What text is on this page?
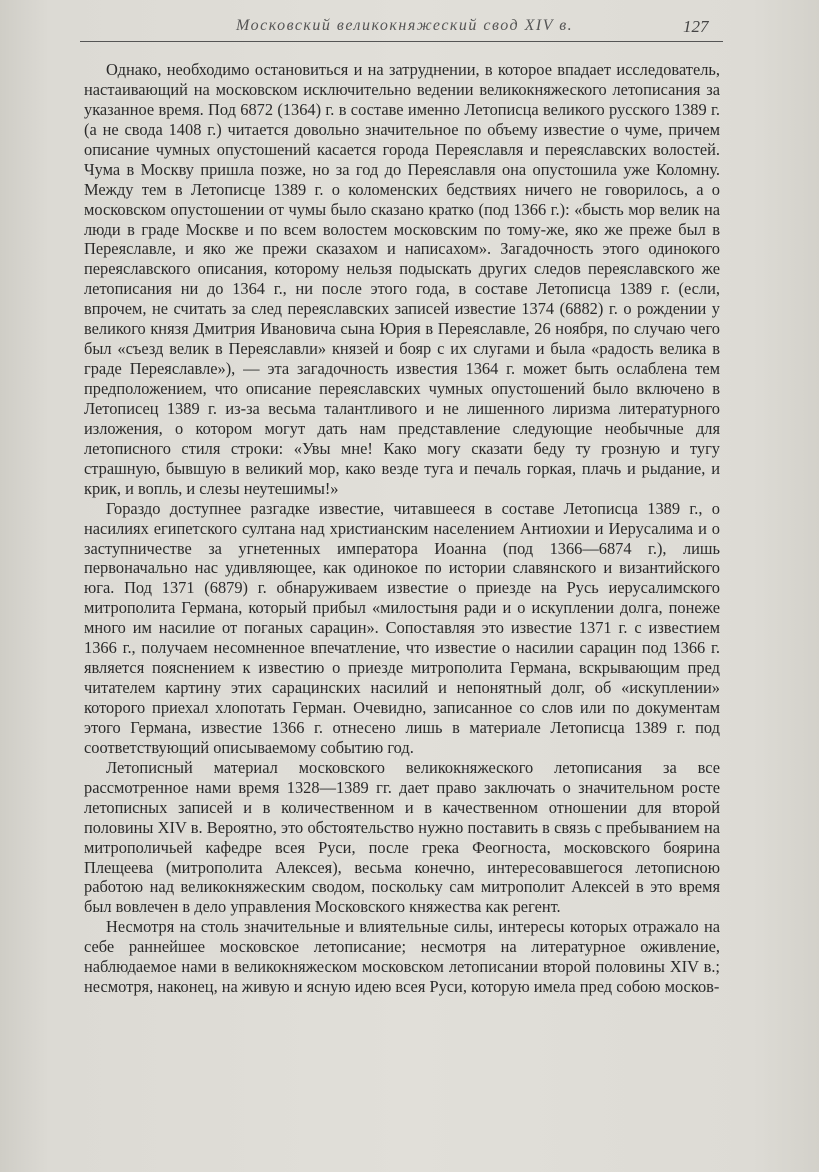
Московский великокняжеский свод XIV в.	127

Однако, необходимо остановиться и на затруднении, в которое впадает исследователь, настаивающий на московском исключительно ведении великокняжеского летописания за указанное время. Под 6872 (1364) г. в составе именно Летописца великого русского 1389 г. (а не свода 1408 г.) читается довольно значительное по объему известие о чуме, причем описание чумных опустошений касается города Переяславля и переяславских волостей. Чума в Москву пришла позже, но за год до Переяславля она опустошила уже Коломну. Между тем в Летописце 1389 г. о коломенских бедствиях ничего не говорилось, а о московском опустошении от чумы было сказано кратко (под 1366 г.): «бысть мор велик на люди в граде Москве и по всем волостем московским по тому-же, яко же преже был в Переяславле, и яко же прежи сказахом и написахом». Загадочность этого одинокого переяславского описания, которому нельзя подыскать других следов переяславского же летописания ни до 1364 г., ни после этого года, в составе Летописца 1389 г. (если, впрочем, не считать за след переяславских записей известие 1374 (6882) г. о рождении у великого князя Дмитрия Ивановича сына Юрия в Переяславле, 26 ноября, по случаю чего был «съезд велик в Переяславли» князей и бояр с их слугами и была «радость велика в граде Переяславле»), — эта загадочность известия 1364 г. может быть ослаблена тем предположением, что описание переяславских чумных опустошений было включено в Летописец 1389 г. из-за весьма талантливого и не лишенного лиризма литературного изложения, о котором могут дать нам представление следующие необычные для летописного стиля строки: «Увы мне! Како могу сказати беду ту грозную и тугу страшную, бывшую в великий мор, како везде туга и печаль горкая, плачь и рыдание, и крик, и вопль, и слезы неутешимы!»

Гораздо доступнее разгадке известие, читавшееся в составе Летописца 1389 г., о насилиях египетского султана над христианским населением Антиохии и Иерусалима и о заступничестве за угнетенных императора Иоанна (под 1366—6874 г.), лишь первоначально нас удивляющее, как одинокое по истории славянского и византийского юга. Под 1371 (6879) г. обнаруживаем известие о приезде на Русь иерусалимского митрополита Германа, который прибыл «милостыня ради и о искуплении долга, понеже много им насилие от поганых сарацин». Сопоставляя это известие 1371 г. с известием 1366 г., получаем несомненное впечатление, что известие о насилии сарацин под 1366 г. является пояснением к известию о приезде митрополита Германа, вскрывающим пред читателем картину этих сарацинских насилий и непонятный долг, об «искуплении» которого приехал хлопотать Герман. Очевидно, записанное со слов или по документам этого Германа, известие 1366 г. отнесено лишь в материале Летописца 1389 г. под соответствующий описываемому событию год.

Летописный материал московского великокняжеского летописания за все рассмотренное нами время 1328—1389 гг. дает право заключать о значительном росте летописных записей и в количественном и в качественном отношении для второй половины XIV в. Вероятно, это обстоятельство нужно поставить в связь с пребыванием на митрополичьей кафедре всея Руси, после грека Феогноста, московского боярина Плещеева (митрополита Алексея), весьма конечно, интересовавшегося летописною работою над великокняжеским сводом, поскольку сам митрополит Алексей в это время был вовлечен в дело управления Московского княжества как регент.

Несмотря на столь значительные и влиятельные силы, интересы которых отражало на себе раннейшее московское летописание; несмотря на литературное оживление, наблюдаемое нами в великокняжеском московском летописании второй половины XIV в.; несмотря, наконец, на живую и ясную идею всея Руси, которую имела пред собою москов-
